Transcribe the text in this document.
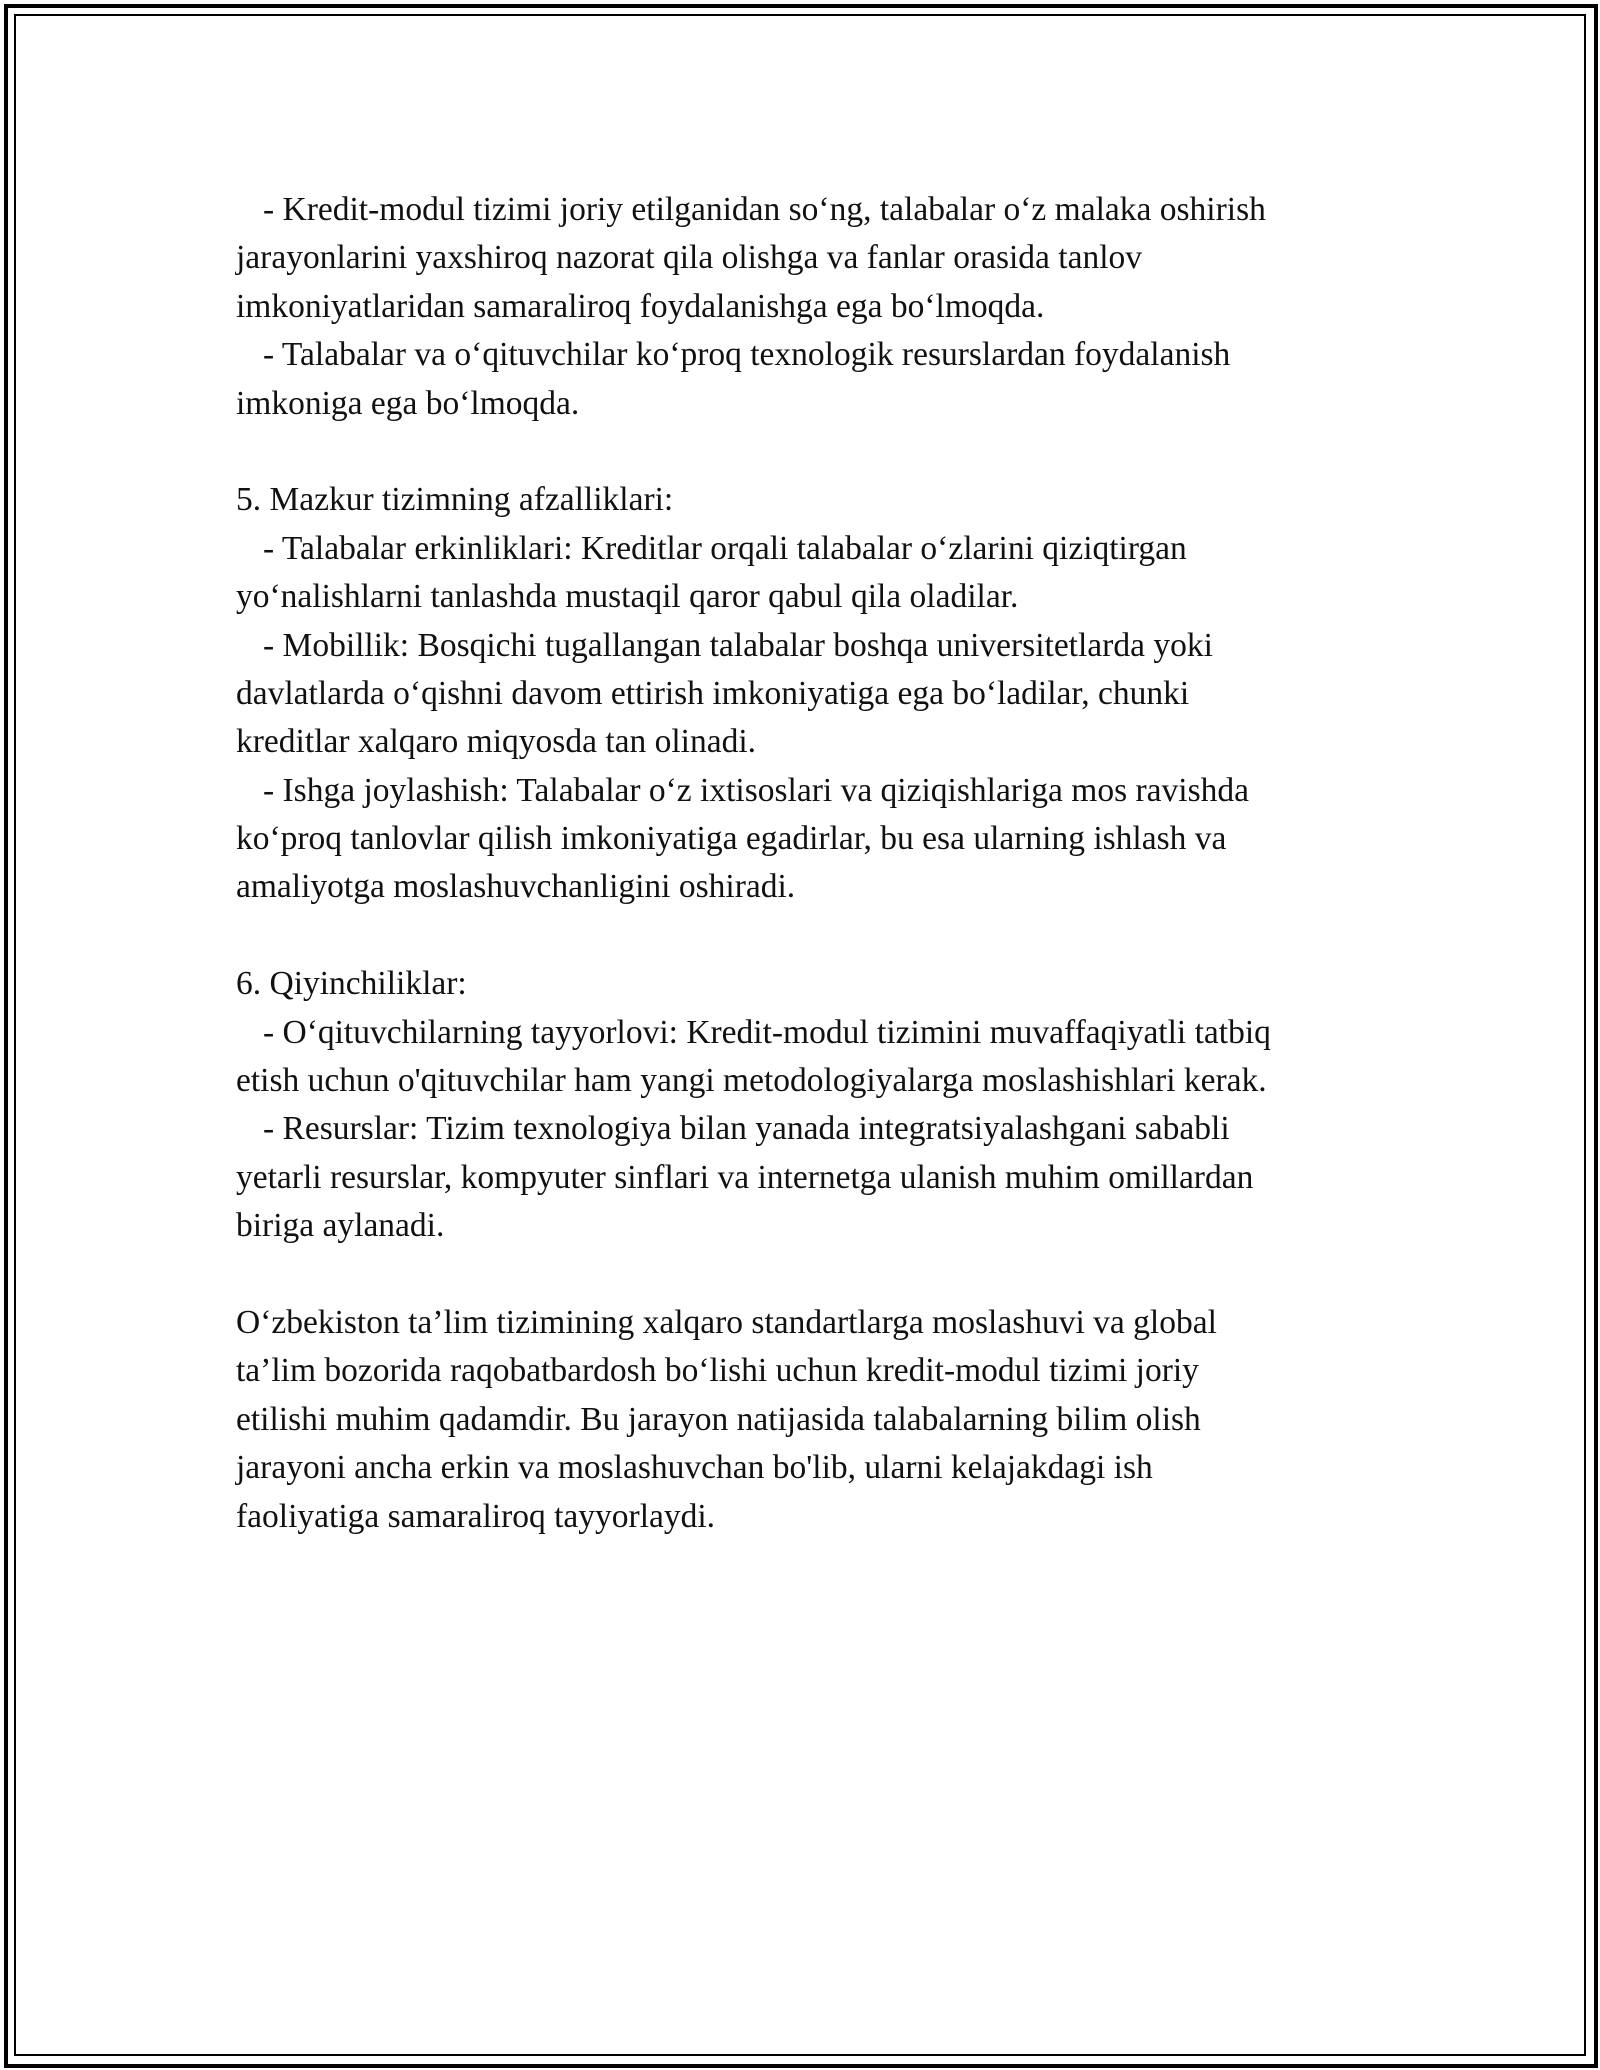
- Kredit-modul tizimi joriy etilganidan so‘ng, talabalar o‘z malaka oshirish
jarayonlarini yaxshiroq nazorat qila olishga va fanlar orasida tanlov
imkoniyatlaridan samaraliroq foydalanishga ega bo‘lmoqda.
- Talabalar va o‘qituvchilar ko‘proq texnologik resurslardan foydalanish
imkoniga ega bo‘lmoqda.
5. Mazkur tizimning afzalliklari:
- Talabalar erkinliklari: Kreditlar orqali talabalar o‘zlarini qiziqtirgan
yo‘nalishlarni tanlashda mustaqil qaror qabul qila oladilar.
- Mobillik: Bosqichi tugallangan talabalar boshqa universitetlarda yoki
davlatlarda o‘qishni davom ettirish imkoniyatiga ega bo‘ladilar, chunki
kreditlar xalqaro miqyosda tan olinadi.
- Ishga joylashish: Talabalar o‘z ixtisoslari va qiziqishlariga mos ravishda
ko‘proq tanlovlar qilish imkoniyatiga egadirlar, bu esa ularning ishlash va
amaliyotga moslashuvchanligini oshiradi.
6. Qiyinchiliklar:
- O‘qituvchilarning tayyorlovi: Kredit-modul tizimini muvaffaqiyatli tatbiq
etish uchun o'qituvchilar ham yangi metodologiyalarga moslashishlari kerak.
- Resurslar: Tizim texnologiya bilan yanada integratsiyalashgani sababli
yetarli resurslar, kompyuter sinflari va internetga ulanish muhim omillardan
biriga aylanadi.
O‘zbekiston ta’lim tizimining xalqaro standartlarga moslashuvi va global
ta’lim bozorida raqobatbardosh bo‘lishi uchun kredit-modul tizimi joriy
etilishi muhim qadamdir. Bu jarayon natijasida talabalarning bilim olish
jarayoni ancha erkin va moslashuvchan bo'lib, ularni kelajakdagi ish
faoliyatiga samaraliroq tayyorlaydi.
